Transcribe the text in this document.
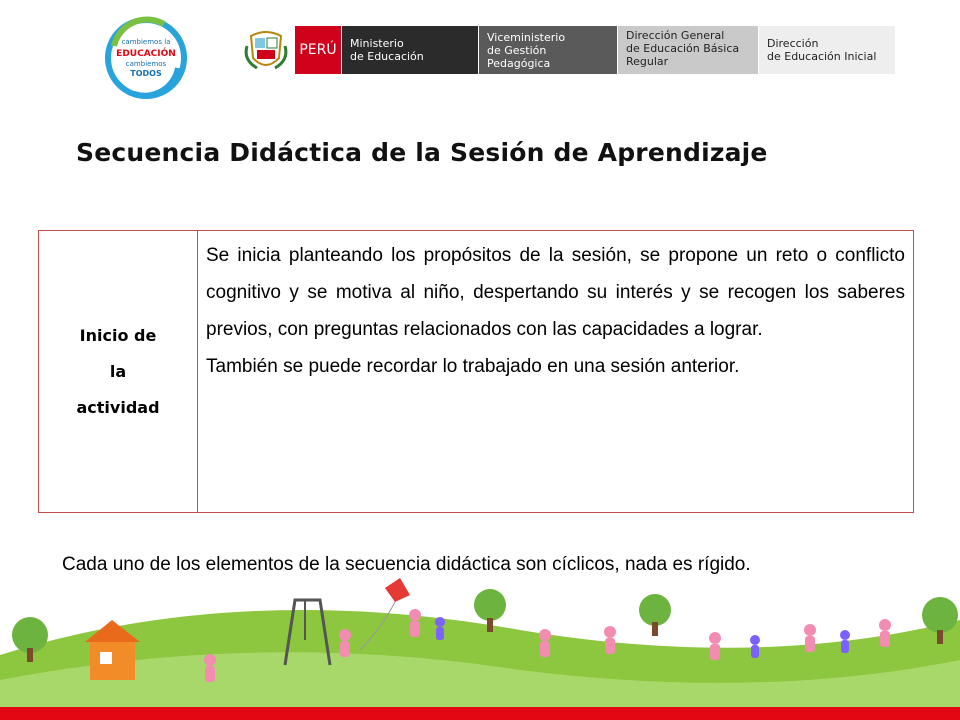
cambiemos la
EDUCACIÓN
cambiemos
TODOS
PERÚ	Ministerio
de Educación
Viceministerio
de Gestión Pedagógica
Dirección General
de Educación Básica
Regular
Dirección
de Educación Inicial
Secuencia Didáctica de la Sesión de Aprendizaje
Inicio de
la
actividad

Se inicia planteando los propósitos de la sesión, se propone un reto o conflicto cognitivo y se motiva al niño, despertando su interés y se recogen los saberes previos, con preguntas relacionados con las capacidades a lograr.

También se puede recordar lo trabajado en una sesión anterior.

Cada uno de los elementos de la secuencia didáctica son cíclicos, nada es rígido.
